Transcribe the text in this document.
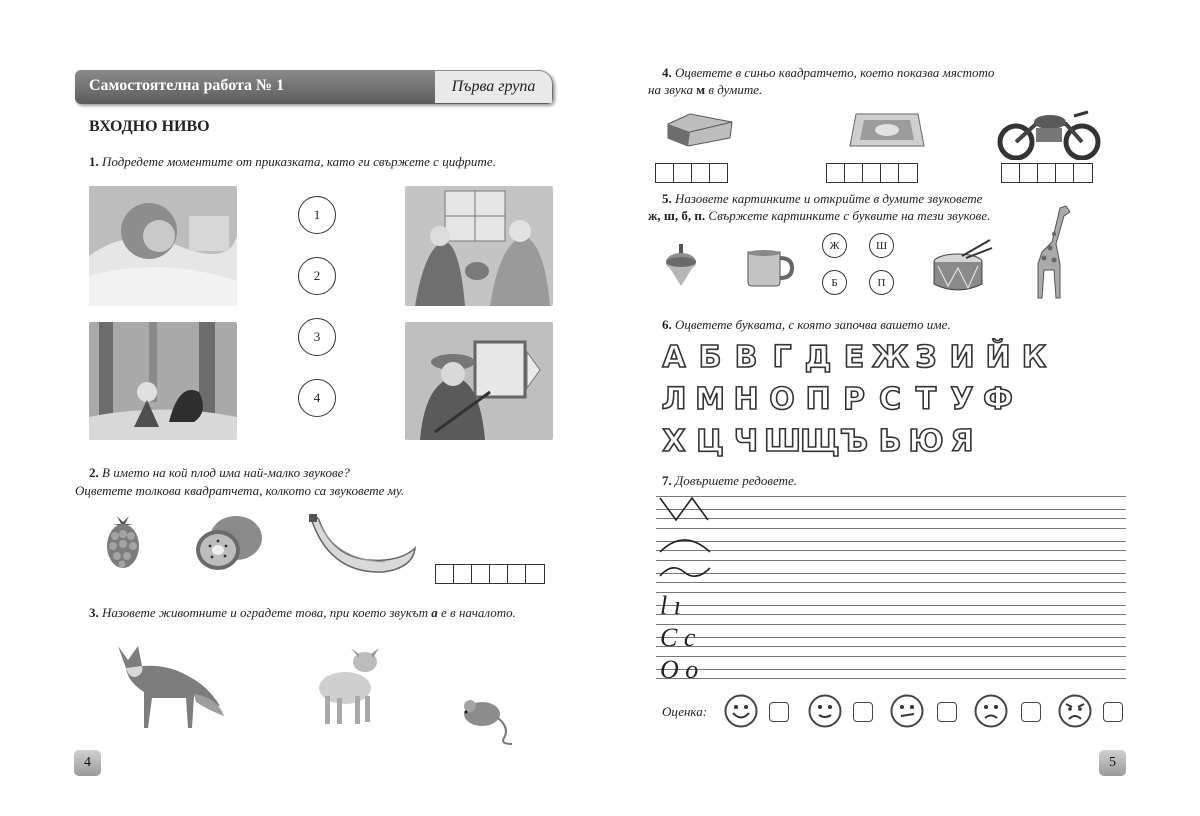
Самостоятелна работа № 1	Първа група
ВХОДНО НИВО
1. Подредете моментите от приказката, като ги свържете с цифрите.
1
2
3
4
2. В името на кой плод има най-малко звукове?
Оцветете толкова квадратчета, колкото са звуковете му.
3. Назовете животните и оградете това, при което звукът а е в началото.
4
4. Оцветете в синьо квадратчето, което показва мястото
на звука м в думите.
5. Назовете картинките и открийте в думите звуковете
ж, ш, б, п. Свържете картинките с буквите на тези звукове.
Ж	Ш
Б	П
6. Оцветете буквата, с която започва вашето име.
А Б В Г Д Е Ж З И Й К
Л М Н О П Р С Т У Ф
Х Ц Ч Ш
Щ Ъ Ь Ю Я
7. Довършете редовете.
l ı
C c
O o
Оценка:
5
